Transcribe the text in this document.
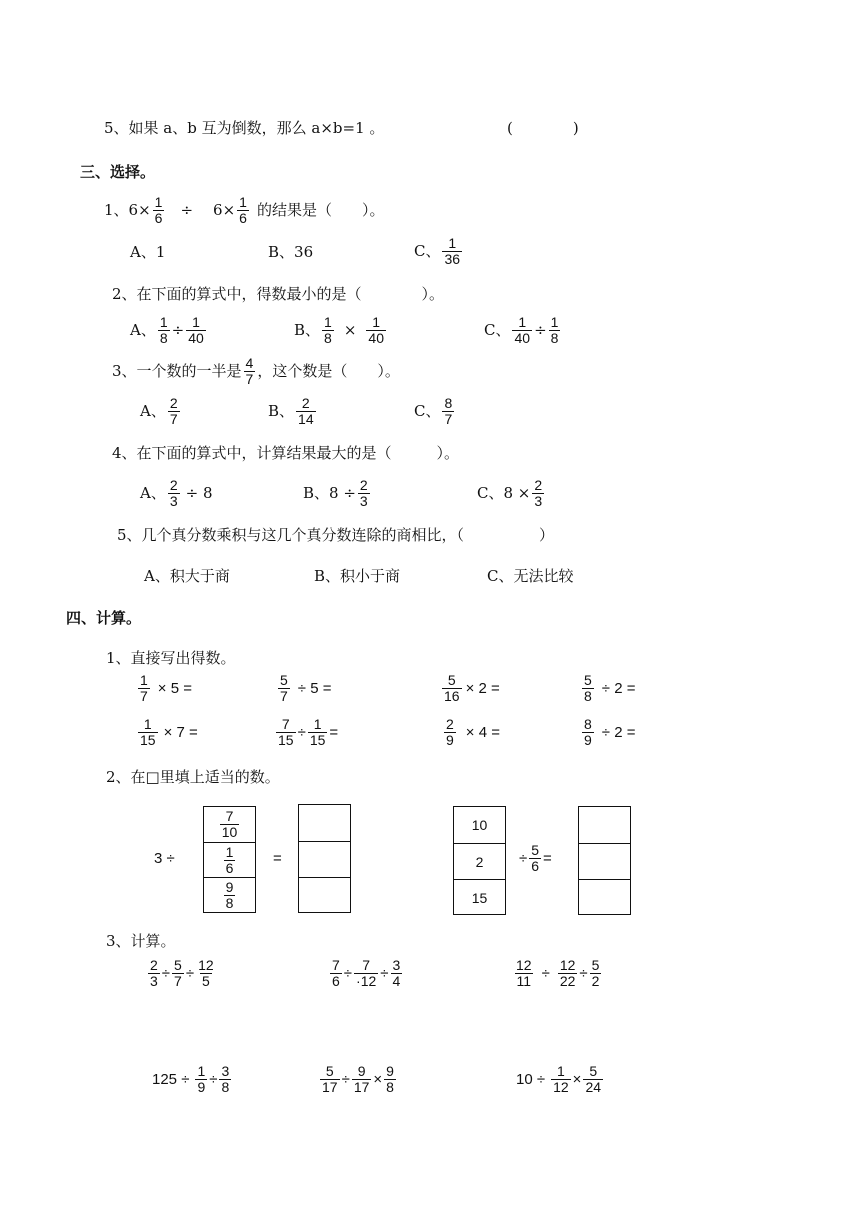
5、如果 a、b 互为倒数，那么 a×b=1 。	(　　　　)
三、选择。
1、 $6\times \frac{1}{6} \div 6\times \frac{1}{6}$ 的结果是（　　）。
A、1	B、36	C、 $\frac{1}{36}$
2、在下面的算式中，得数最小的是（　　　　）。
A、 $\frac{1}{8} \div \frac{1}{40}$	B、 $\frac{1}{8} \times \frac{1}{40}$	C、 $\frac{1}{40} \div \frac{1}{8}$
3、一个数的一半是 $\frac{4}{7}$ ，这个数是（　　）。
A、 $\frac{2}{7}$	B、 $\frac{2}{14}$	C、 $\frac{8}{7}$
4、在下面的算式中，计算结果最大的是（　　　）。
A、 $\frac{2}{3} \div 8$	B、$8 \div \frac{2}{3}$	C、$8 \times \frac{2}{3}$
5、几个真分数乘积与这几个真分数连除的商相比，（　　　　　）
A、积大于商	B、积小于商	C、无法比较
四、计算。
1、直接写出得数。
$\frac{1}{7} \times 5$ =	$\frac{5}{7} \div 5$ =	$\frac{5}{16} \times 2$ =	$\frac{5}{8} \div 2$ =
$\frac{1}{15} \times 7$ =	$\frac{7}{15} \div \frac{1}{15}$ =	$\frac{2}{9} \times 4$ =	$\frac{8}{9} \div 2$ =
2、在□里填上适当的数。
3 ÷
$\frac{7}{10}$
$\frac{1}{6}$
$\frac{9}{8}$
=
10
2
15
÷ $\frac{5}{6}$ =
3、计算。
$\frac{2}{3} \div \frac{5}{7} \div \frac{12}{5}$	$\frac{7}{6} \div \frac{7}{\cdot 12} \div \frac{3}{4}$	$\frac{12}{11} \div \frac{12}{22} \div \frac{5}{2}$
$125 \div \frac{1}{9} \div \frac{3}{8}$	$\frac{5}{17} \div \frac{9}{17} \times \frac{9}{8}$	$10 \div \frac{1}{12} \times \frac{5}{24}$
